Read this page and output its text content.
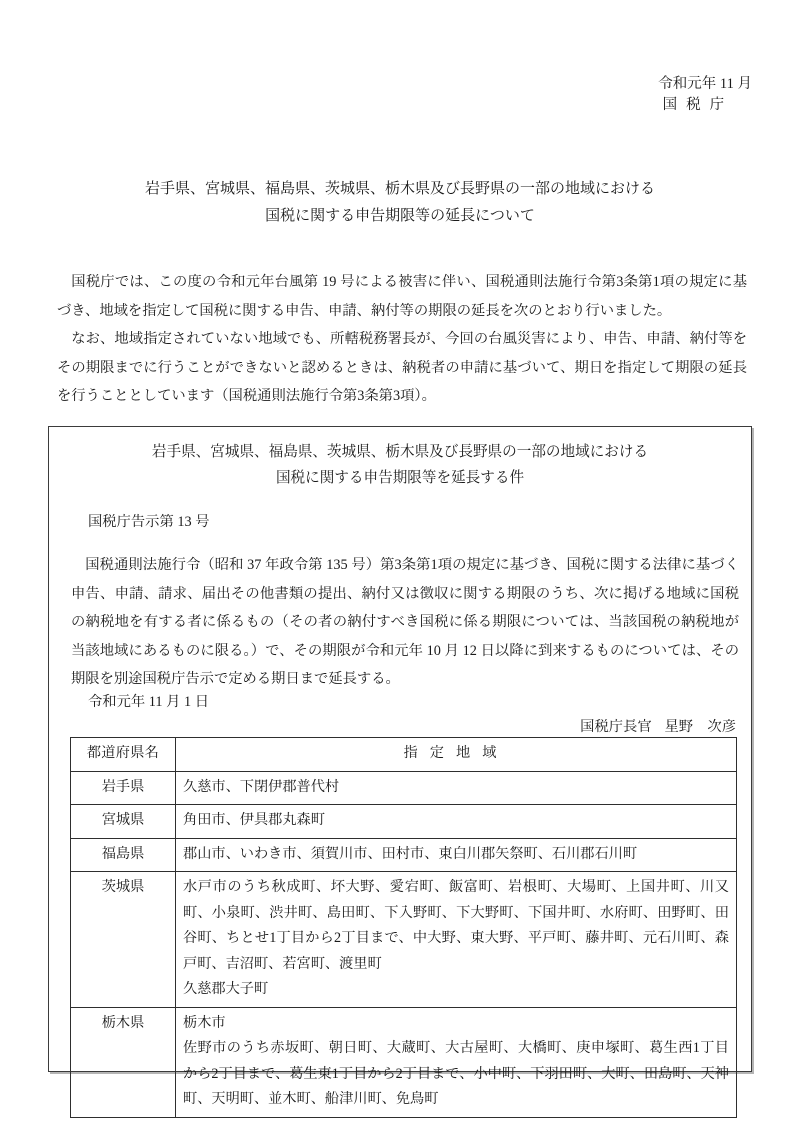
令和元年 11 月
国税庁
岩手県、宮城県、福島県、茨城県、栃木県及び長野県の一部の地域における
国税に関する申告期限等の延長について

国税庁では、この度の令和元年台風第 19 号による被害に伴い、国税通則法施行令第3条第1項の規定に基づき、地域を指定して国税に関する申告、申請、納付等の期限の延長を次のとおり行いました。

なお、地域指定されていない地域でも、所轄税務署長が、今回の台風災害により、申告、申請、納付等をその期限までに行うことができないと認めるときは、納税者の申請に基づいて、期日を指定して期限の延長を行うこととしています（国税通則法施行令第3条第3項）。

岩手県、宮城県、福島県、茨城県、栃木県及び長野県の一部の地域における
国税に関する申告期限等を延長する件
国税庁告示第 13 号

国税通則法施行令（昭和 37 年政令第 135 号）第3条第1項の規定に基づき、国税に関する法律に基づく申告、申請、請求、届出その他書類の提出、納付又は徴収に関する期限のうち、次に掲げる地域に国税の納税地を有する者に係るもの（その者の納付すべき国税に係る期限については、当該国税の納税地が当該地域にあるものに限る。）で、その期限が令和元年 10 月 12 日以降に到来するものについては、その期限を別途国税庁告示で定める期日まで延長する。

令和元年 11 月 1 日
国税庁長官 星野 次彦
都道府県名	指定地域
岩手県	久慈市、下閉伊郡普代村

宮城県	角田市、伊具郡丸森町

福島県	郡山市、いわき市、須賀川市、田村市、東白川郡矢祭町、石川郡石川町

茨城県	水戸市のうち秋成町、坏大野、愛宕町、飯富町、岩根町、大場町、上国井町、川又町、小泉町、渋井町、島田町、下入野町、下大野町、下国井町、水府町、田野町、田谷町、ちとせ1丁目から2丁目まで、中大野、東大野、平戸町、藤井町、元石川町、森戸町、吉沼町、若宮町、渡里町
久慈郡大子町

栃木県	栃木市
佐野市のうち赤坂町、朝日町、大蔵町、大古屋町、大橋町、庚申塚町、葛生西1丁目から2丁目まで、葛生東1丁目から2丁目まで、小中町、下羽田町、大町、田島町、天神町、天明町、並木町、船津川町、免鳥町
